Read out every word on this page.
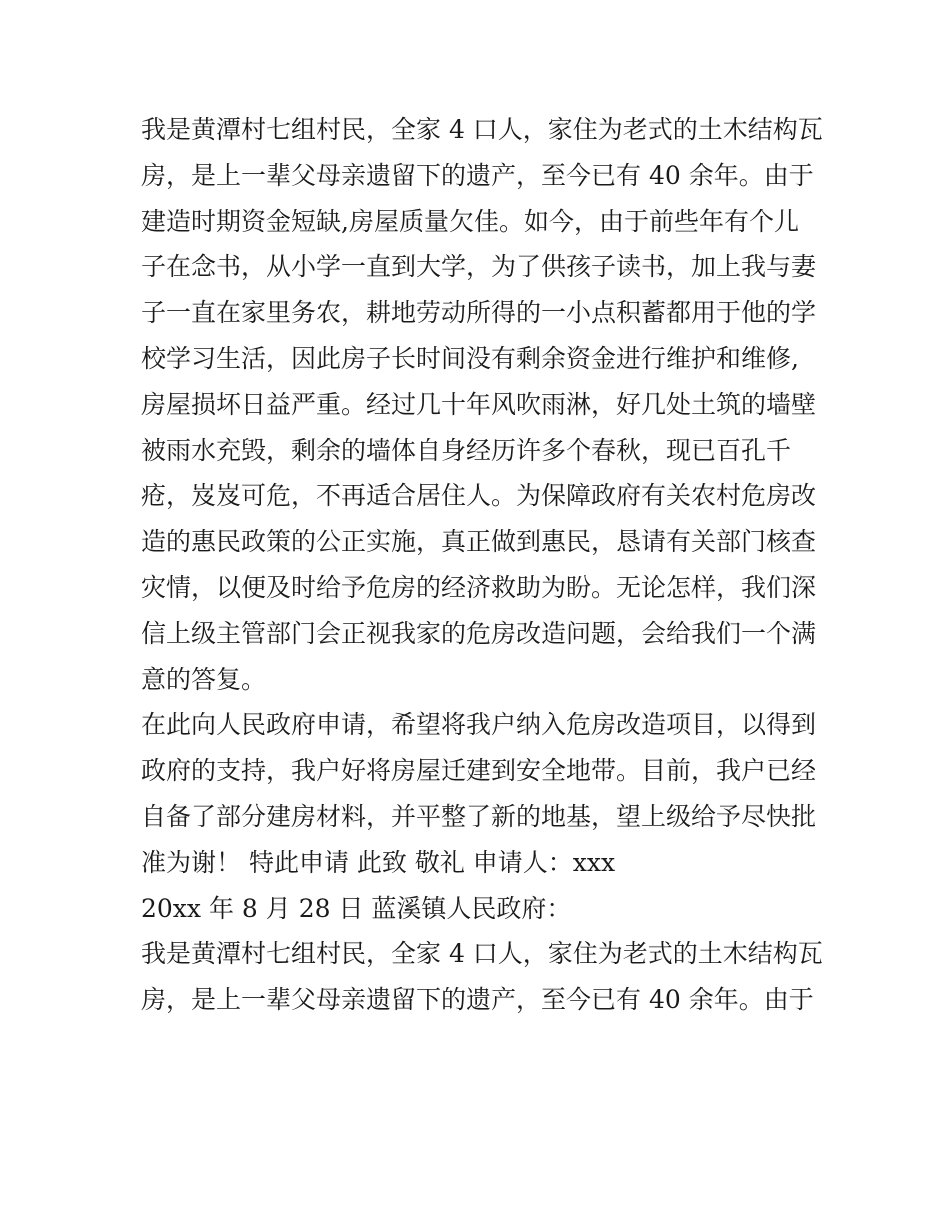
我是黄潭村七组村民，全家 4 口人，家住为老式的土木结构瓦
房，是上一辈父母亲遗留下的遗产，至今已有 40 余年。由于
建造时期资金短缺,房屋质量欠佳。如今，由于前些年有个儿
子在念书，从小学一直到大学，为了供孩子读书，加上我与妻
子一直在家里务农，耕地劳动所得的一小点积蓄都用于他的学
校学习生活，因此房子长时间没有剩余资金进行维护和维修,
房屋损坏日益严重。经过几十年风吹雨淋，好几处土筑的墙壁
被雨水充毁，剩余的墙体自身经历许多个春秋，现已百孔千
疮，岌岌可危，不再适合居住人。为保障政府有关农村危房改
造的惠民政策的公正实施，真正做到惠民，恳请有关部门核查
灾情，以便及时给予危房的经济救助为盼。无论怎样，我们深
信上级主管部门会正视我家的危房改造问题，会给我们一个满
意的答复。
在此向人民政府申请，希望将我户纳入危房改造项目，以得到
政府的支持，我户好将房屋迁建到安全地带。目前，我户已经
自备了部分建房材料，并平整了新的地基，望上级给予尽快批
准为谢！ 特此申请 此致 敬礼 申请人：xxx
20xx 年 8 月 28 日 蓝溪镇人民政府：
我是黄潭村七组村民，全家 4 口人，家住为老式的土木结构瓦
房，是上一辈父母亲遗留下的遗产，至今已有 40 余年。由于
